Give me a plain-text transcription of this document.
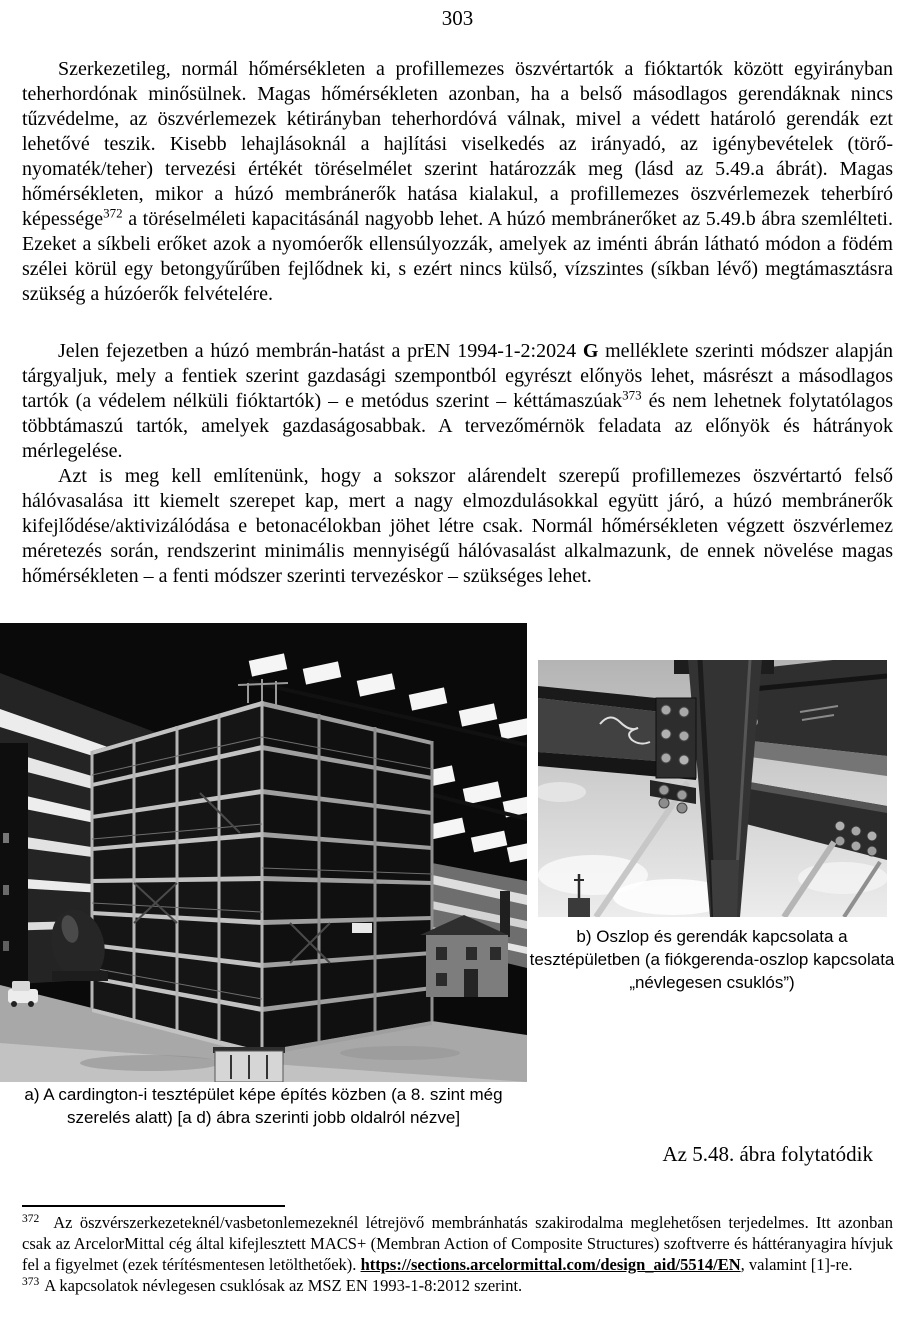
303

Szerkezetileg, normál hőmérsékleten a profillemezes öszvértartók a fióktartók között egyirányban teherhordónak minősülnek. Magas hőmérsékleten azonban, ha a belső másodlagos gerendáknak nincs tűzvédelme, az öszvérlemezek kétirányban teherhordóvá válnak, mivel a védett határoló gerendák ezt lehetővé teszik. Kisebb lehajlásoknál a hajlítási viselkedés az irányadó, az igénybevételek (törő- nyomaték/teher) tervezési értékét töréselmélet szerint határozzák meg (lásd az 5.49.a ábrát). Magas hőmérsékleten, mikor a húzó membránerők hatása kialakul, a profillemezes öszvérlemezek teherbíró képessége$^{372}$ a töréselméleti kapacitásánál nagyobb lehet. A húzó membránerőket az 5.49.b ábra szemlélteti. Ezeket a síkbeli erőket azok a nyomóerők ellensúlyozzák, amelyek az iménti ábrán látható módon a födém szélei körül egy betongyűrűben fejlődnek ki, s ezért nincs külső, vízszintes (síkban lévő) megtámasztásra szükség a húzóerők felvételére.

Jelen fejezetben a húzó membrán-hatást a prEN 1994-1-2:2024 G melléklete szerinti módszer alapján tárgyaljuk, mely a fentiek szerint gazdasági szempontból egyrészt előnyös lehet, másrészt a másodlagos tartók (a védelem nélküli fióktartók) – e metódus szerint – kéttámaszúak$^{373}$ és nem lehetnek folytatólagos többtámaszú tartók, amelyek gazdaságosabbak. A tervezőmérnök feladata az előnyök és hátrányok mérlegelése.

Azt is meg kell említenünk, hogy a sokszor alárendelt szerepű profillemezes öszvértartó felső hálóvasalása itt kiemelt szerepet kap, mert a nagy elmozdulásokkal együtt járó, a húzó membránerők kifejlődése/aktivizálódása e betonacélokban jöhet létre csak. Normál hőmérsékleten végzett öszvérlemez méretezés során, rendszerint minimális mennyiségű hálóvasalást alkalmazunk, de ennek növelése magas hőmérsékleten – a fenti módszer szerinti tervezéskor – szükséges lehet.

b) Oszlop és gerendák kapcsolata a tesztépületben (a fiókgerenda-oszlop kapcsolata „névlegesen csuklós”)

a) A cardington-i tesztépület képe építés közben (a 8. szint még szerelés alatt) [a d) ábra szerinti jobb oldalról nézve]

Az 5.48. ábra folytatódik

$^{372}$ Az öszvérszerkezeteknél/vasbetonlemezeknél létrejövő membránhatás szakirodalma meglehetősen terjedelmes. Itt azonban csak az ArcelorMittal cég által kifejlesztett MACS+ (Membran Action of Composite Structures) szoftverre és háttéranyagira hívjuk fel a figyelmet (ezek térítésmentesen letölthetőek). https://sections.arcelormittal.com/design_aid/5514/EN, valamint [1]-re.

$^{373}$ A kapcsolatok névlegesen csuklósak az MSZ EN 1993-1-8:2012 szerint.
